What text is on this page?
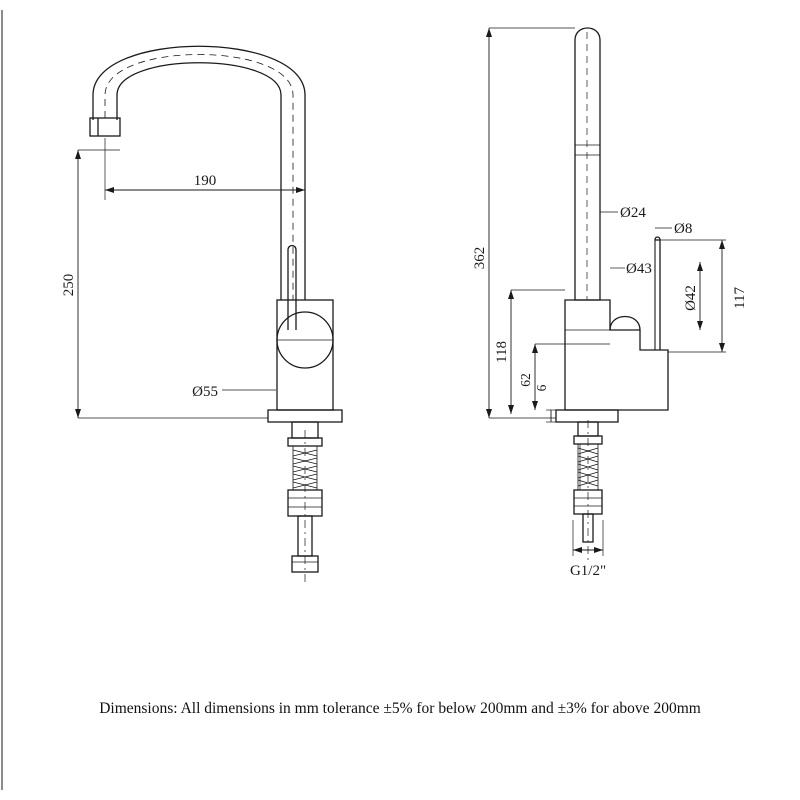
190
250
Ø55
362
118
62
6
Ø24
Ø8
Ø43
Ø42 117
G1/2"
Dimensions: All dimensions in mm tolerance ±5% for below 200mm and ±3% for above 200mm
